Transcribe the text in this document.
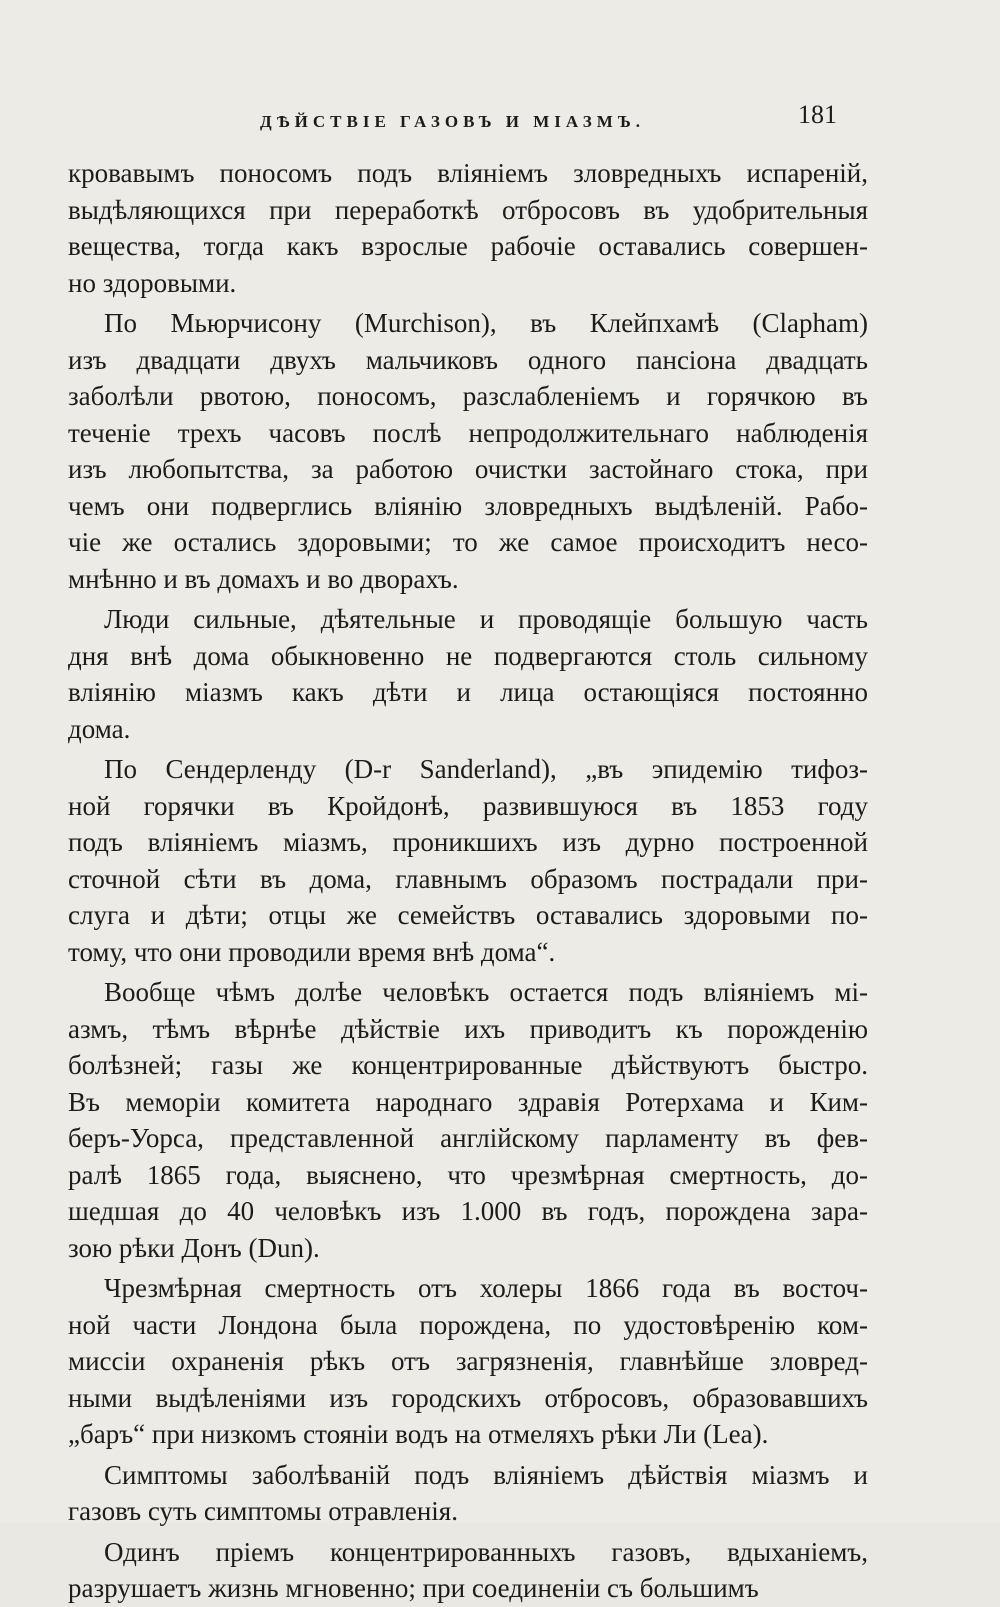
ДѢЙСТВІЕ ГАЗОВЪ И МІАЗМЪ.	181
кровавымъ поносомъ подъ вліяніемъ зловредныхъ испареній,
выдѣляющихся при переработкѣ отбросовъ въ удобрительныя
вещества, тогда какъ взрослые рабочіе оставались совершен-
но здоровыми.
По Мьюрчисону (Murchison), въ Клейпхамѣ (Clapham)
изъ двадцати двухъ мальчиковъ одного пансіона двадцать
заболѣли рвотою, поносомъ, разслабленіемъ и горячкою въ
теченіе трехъ часовъ послѣ непродолжительнаго наблюденія
изъ любопытства, за работою очистки застойнаго стока, при
чемъ они подверглись вліянію зловредныхъ выдѣленій. Рабо-
чіе же остались здоровыми; то же самое происходитъ несо-
мнѣнно и въ домахъ и во дворахъ.
Люди сильные, дѣятельные и проводящіе большую часть
дня внѣ дома обыкновенно не подвергаются столь сильному
вліянію міазмъ какъ дѣти и лица остающіяся постоянно
дома.
По Сендерленду (D-r Sanderland), „въ эпидемію тифоз-
ной горячки въ Кройдонѣ, развившуюся въ 1853 году
подъ вліяніемъ міазмъ, проникшихъ изъ дурно построенной
сточной сѣти въ дома, главнымъ образомъ пострадали при-
слуга и дѣти; отцы же семействъ оставались здоровыми по-
тому, что они проводили время внѣ дома“.
Вообще чѣмъ долѣе человѣкъ остается подъ вліяніемъ мі-
азмъ, тѣмъ вѣрнѣе дѣйствіе ихъ приводитъ къ порожденію
болѣзней; газы же концентрированные дѣйствуютъ быстро.
Въ меморіи комитета народнаго здравія Ротерхама и Ким-
беръ-Уорса, представленной англійскому парламенту въ фев-
ралѣ 1865 года, выяснено, что чрезмѣрная смертность, до-
шедшая до 40 человѣкъ изъ 1.000 въ годъ, порождена зара-
зою рѣки Донъ (Dun).
Чрезмѣрная смертность отъ холеры 1866 года въ восточ-
ной части Лондона была порождена, по удостовѣренію ком-
миссіи охраненія рѣкъ отъ загрязненія, главнѣйше зловред-
ными выдѣленіями изъ городскихъ отбросовъ, образовавшихъ
„баръ“ при низкомъ стояніи водъ на отмеляхъ рѣки Ли (Lea).
Симптомы заболѣваній подъ вліяніемъ дѣйствія міазмъ и
газовъ суть симптомы отравленія.
Одинъ пріемъ концентрированныхъ газовъ, вдыханіемъ,
разрушаетъ жизнь мгновенно; при соединеніи съ большимъ
